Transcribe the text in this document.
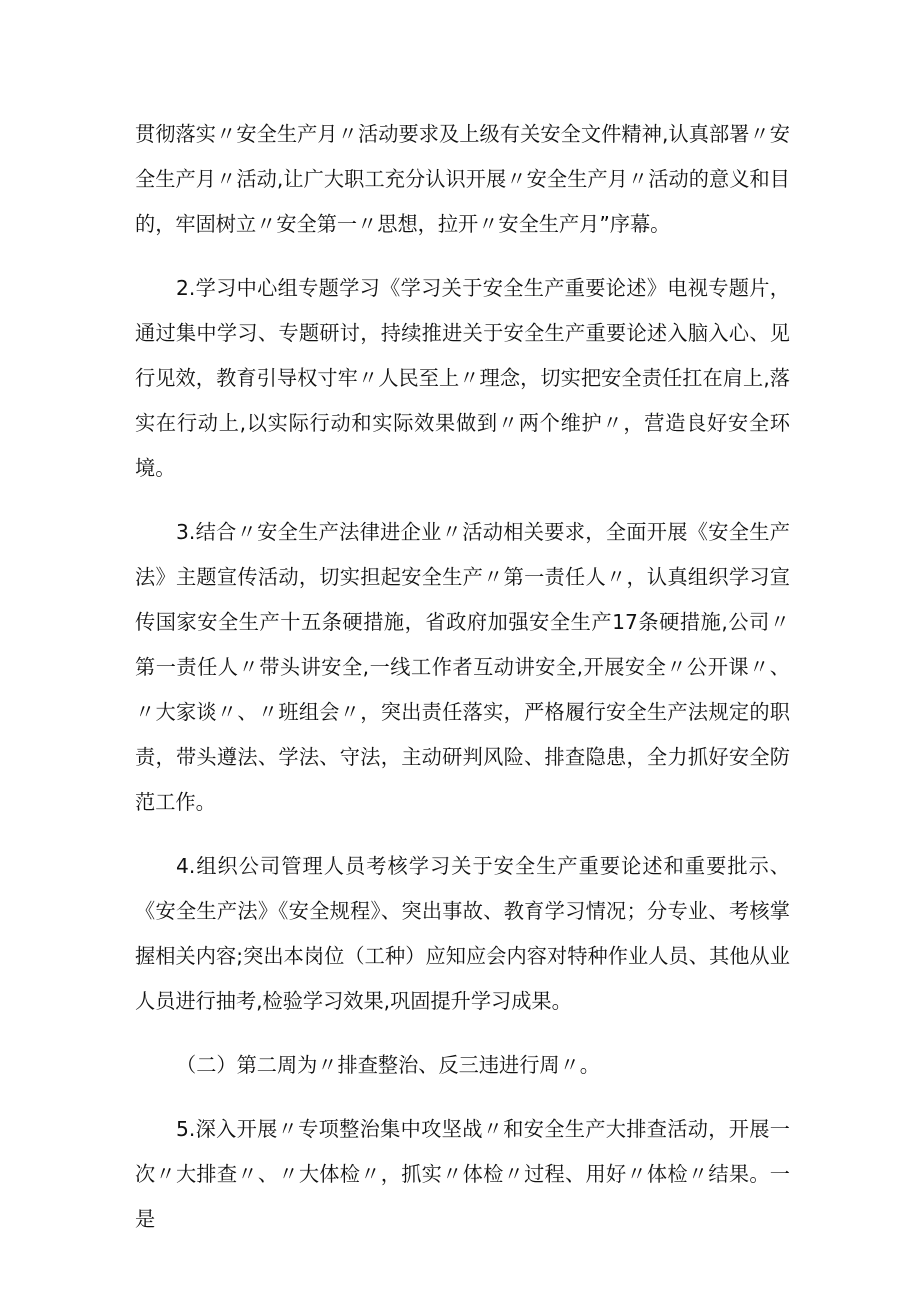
贯彻落实〃安全生产月〃活动要求及上级有关安全文件精神,认真部署〃安全生产月〃活动,让广大职工充分认识开展〃安全生产月〃活动的意义和目的，牢固树立〃安全第一〃思想，拉开〃安全生产月”序幕。

2.学习中心组专题学习《学习关于安全生产重要论述》电视专题片，通过集中学习、专题研讨，持续推进关于安全生产重要论述入脑入心、见行见效，教育引导权寸牢〃人民至上〃理念，切实把安全责任扛在肩上,落实在行动上,以实际行动和实际效果做到〃两个维护〃，营造良好安全环境。

3.结合〃安全生产法律进企业〃活动相关要求，全面开展《安全生产法》主题宣传活动，切实担起安全生产〃第一责任人〃，认真组织学习宣传国家安全生产十五条硬措施，省政府加强安全生产17条硬措施,公司〃第一责任人〃带头讲安全,一线工作者互动讲安全,开展安全〃公开课〃、〃大家谈〃、〃班组会〃，突出责任落实，严格履行安全生产法规定的职责，带头遵法、学法、守法，主动研判风险、排查隐患，全力抓好安全防范工作。

4.组织公司管理人员考核学习关于安全生产重要论述和重要批示、《安全生产法》《安全规程》、突出事故、教育学习情况；分专业、考核掌握相关内容;突出本岗位（工种）应知应会内容对特种作业人员、其他从业人员进行抽考,检验学习效果,巩固提升学习成果。

（二）第二周为〃排查整治、反三违进行周〃。

5.深入开展〃专项整治集中攻坚战〃和安全生产大排查活动，开展一次〃大排查〃、〃大体检〃，抓实〃体检〃过程、用好〃体检〃结果。一是
